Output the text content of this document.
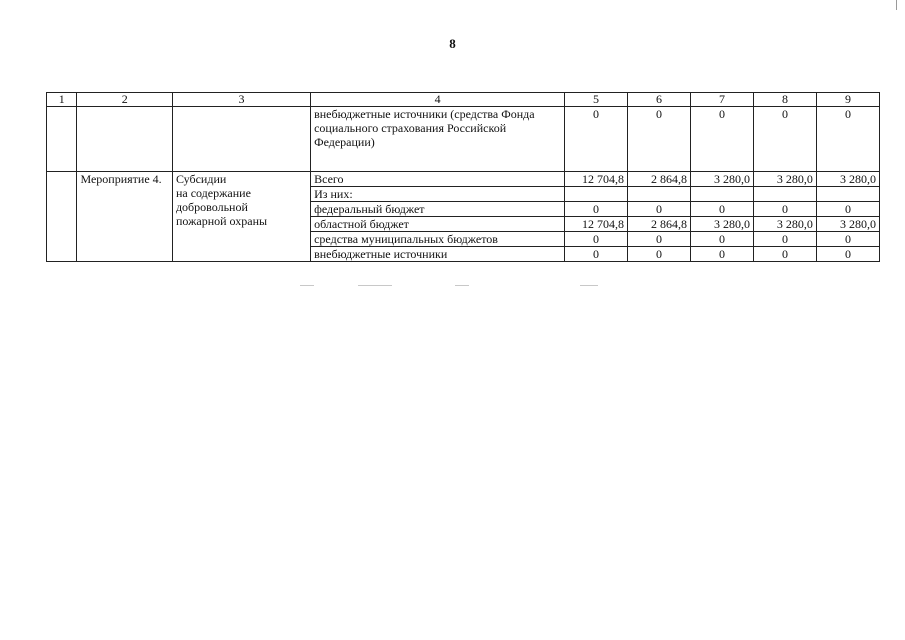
8
1	2	3	4	5	6	7	8	9
			внебюджетные источники (средства Фонда
социального страхования Российской
Федерации)	0	0	0	0	0
	Мероприятие 4.	Субсидии
на содержание
добровольной
пожарной охраны	Всего	12 704,8	2 864,8	3 280,0	3 280,0	3 280,0
			Из них:					
			федеральный бюджет	0	0	0	0	0
			областной бюджет	12 704,8	2 864,8	3 280,0	3 280,0	3 280,0
			средства муниципальных бюджетов	0	0	0	0	0
			внебюджетные источники	0	0	0	0	0
